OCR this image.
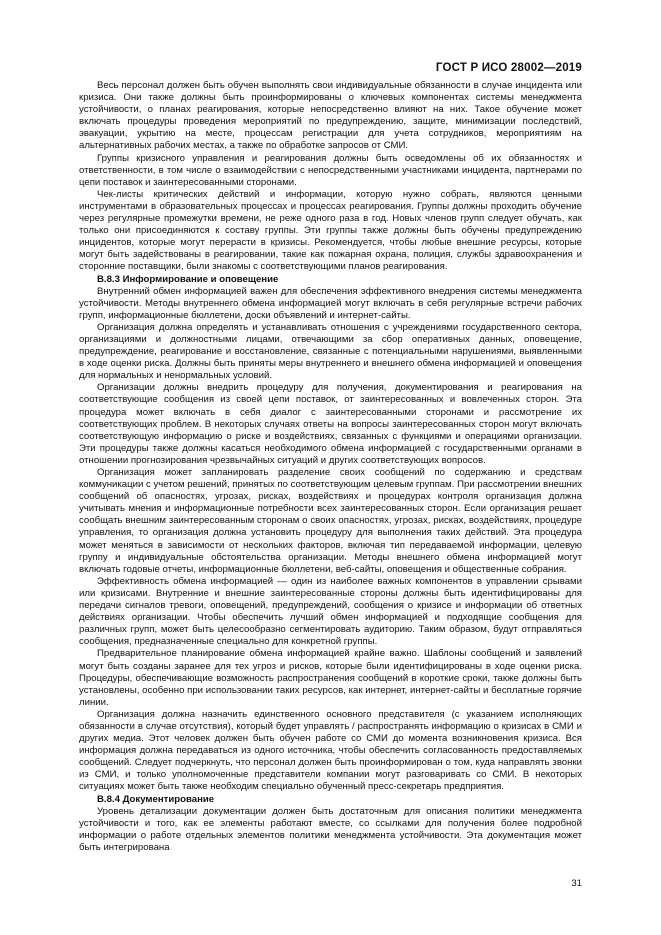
ГОСТ Р ИСО 28002—2019

Весь персонал должен быть обучен выполнять свои индивидуальные обязанности в случае инцидента или кризиса. Они также должны быть проинформированы о ключевых компонентах системы менеджмента устойчивости, о планах реагирования, которые непосредственно влияют на них. Такое обучение может включать процедуры проведения мероприятий по предупреждению, защите, минимизации последствий, эвакуации, укрытию на месте, процессам регистрации для учета сотрудников, мероприятиям на альтернативных рабочих местах, а также по обработке запросов от СМИ.

Группы кризисного управления и реагирования должны быть осведомлены об их обязанностях и ответственности, в том числе о взаимодействии с непосредственными участниками инцидента, партнерами по цепи поставок и заинтересованными сторонами.

Чек-листы критических действий и информации, которую нужно собрать, являются ценными инструментами в образовательных процессах и процессах реагирования. Группы должны проходить обучение через регулярные промежутки времени, не реже одного раза в год. Новых членов групп следует обучать, как только они присоединяются к составу группы. Эти группы также должны быть обучены предупреждению инцидентов, которые могут перерасти в кризисы. Рекомендуется, чтобы любые внешние ресурсы, которые могут быть задействованы в реагировании, такие как пожарная охрана, полиция, службы здравоохранения и сторонние поставщики, были знакомы с соответствующими планов реагирования.

В.8.3 Информирование и оповещение

Внутренний обмен информацией важен для обеспечения эффективного внедрения системы менеджмента устойчивости. Методы внутреннего обмена информацией могут включать в себя регулярные встречи рабочих групп, информационные бюллетени, доски объявлений и интернет-сайты.

Организация должна определять и устанавливать отношения с учреждениями государственного сектора, организациями и должностными лицами, отвечающими за сбор оперативных данных, оповещение, предупреждение, реагирование и восстановление, связанные с потенциальными нарушениями, выявленными в ходе оценки риска. Должны быть приняты меры внутреннего и внешнего обмена информацией и оповещения для нормальных и ненормальных условий.

Организации должны внедрить процедуру для получения, документирования и реагирования на соответствующие сообщения из своей цепи поставок, от заинтересованных и вовлеченных сторон. Эта процедура может включать в себя диалог с заинтересованными сторонами и рассмотрение их соответствующих проблем. В некоторых случаях ответы на вопросы заинтересованных сторон могут включать соответствующую информацию о риске и воздействиях, связанных с функциями и операциями организации. Эти процедуры также должны касаться необходимого обмена информацией с государственными органами в отношении прогнозирования чрезвычайных ситуаций и других соответствующих вопросов.

Организация может запланировать разделение своих сообщений по содержанию и средствам коммуникации с учетом решений, принятых по соответствующим целевым группам. При рассмотрении внешних сообщений об опасностях, угрозах, рисках, воздействиях и процедурах контроля организация должна учитывать мнения и информационные потребности всех заинтересованных сторон. Если организация решает сообщать внешним заинтересованным сторонам о своих опасностях, угрозах, рисках, воздействиях, процедуре управления, то организация должна установить процедуру для выполнения таких действий. Эта процедура может меняться в зависимости от нескольких факторов, включая тип передаваемой информации, целевую группу и индивидуальные обстоятельства организации. Методы внешнего обмена информацией могут включать годовые отчеты, информационные бюллетени, веб-сайты, оповещения и общественные собрания.

Эффективность обмена информацией — один из наиболее важных компонентов в управлении срывами или кризисами. Внутренние и внешние заинтересованные стороны должны быть идентифицированы для передачи сигналов тревоги, оповещений, предупреждений, сообщения о кризисе и информации об ответных действиях организации. Чтобы обеспечить лучший обмен информацией и подходящие сообщения для различных групп, может быть целесообразно сегментировать аудиторию. Таким образом, будут отправляться сообщения, предназначенные специально для конкретной группы.

Предварительное планирование обмена информацией крайне важно. Шаблоны сообщений и заявлений могут быть созданы заранее для тех угроз и рисков, которые были идентифицированы в ходе оценки риска. Процедуры, обеспечивающие возможность распространения сообщений в короткие сроки, также должны быть установлены, особенно при использовании таких ресурсов, как интернет, интернет-сайты и бесплатные горячие линии.

Организация должна назначить единственного основного представителя (с указанием исполняющих обязанности в случае отсутствия), который будет управлять / распространять информацию о кризисах в СМИ и других медиа. Этот человек должен быть обучен работе со СМИ до момента возникновения кризиса. Вся информация должна передаваться из одного источника, чтобы обеспечить согласованность предоставляемых сообщений. Следует подчеркнуть, что персонал должен быть проинформирован о том, куда направлять звонки из СМИ, и только уполномоченные представители компании могут разговаривать со СМИ. В некоторых ситуациях может быть также необходим специально обученный пресс-секретарь предприятия.

В.8.4 Документирование

Уровень детализации документации должен быть достаточным для описания политики менеджмента устойчивости и того, как ее элементы работают вместе, со ссылками для получения более подробной информации о работе отдельных элементов политики менеджмента устойчивости. Эта документация может быть интегрирована

31
